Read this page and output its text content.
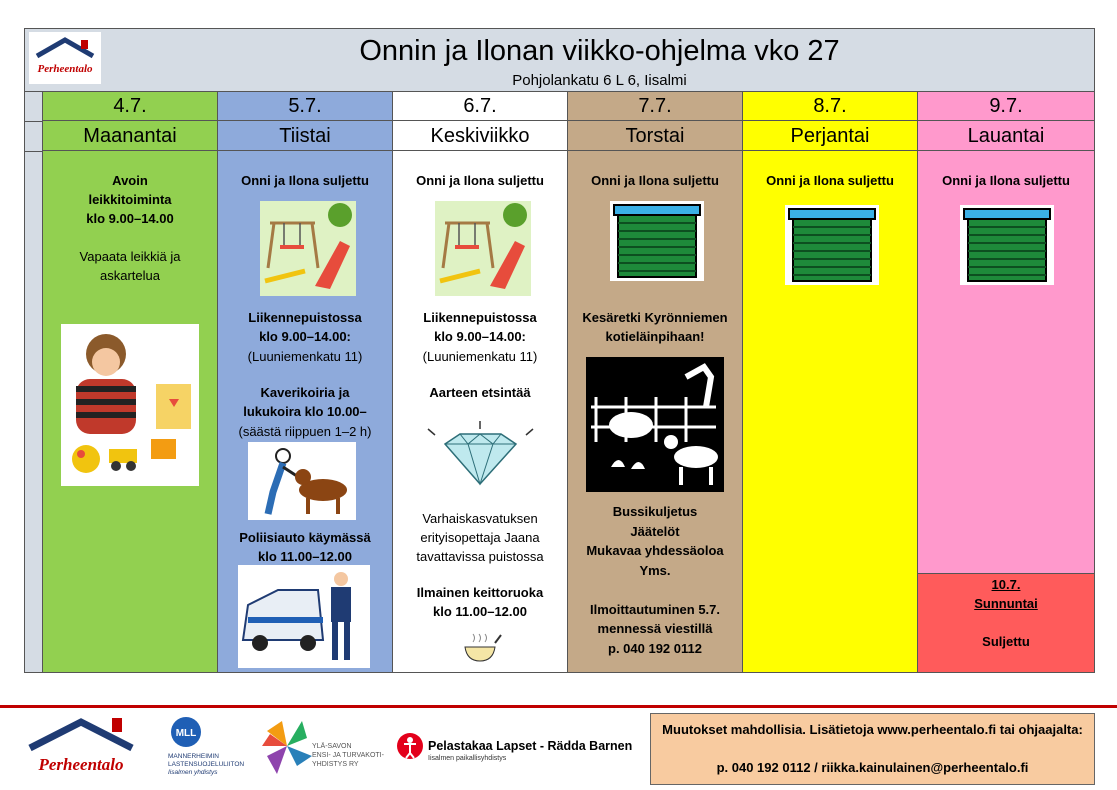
Perheentalo
Onnin ja Ilonan viikko-ohjelma vko 27
Pohjolankatu 6 L 6, Iisalmi
4.7.
Maanantai
Avoin
leikkitoiminta
klo 9.00–14.00
Vapaata leikkiä ja
askartelua
5.7.
Tiistai
Onni ja Ilona suljettu
Liikennepuistossa
klo 9.00–14.00:
(Luuniemenkatu 11)
Kaverikoiria ja
lukukoira klo 10.00–
(säästä riippuen 1–2 h)
Poliisiauto käymässä
klo 11.00–12.00
6.7.
Keskiviikko
Onni ja Ilona suljettu
Liikennepuistossa
klo 9.00–14.00:
(Luuniemenkatu 11)
Aarteen etsintää
Varhaiskasvatuksen
erityisopettaja Jaana
tavattavissa puistossa
Ilmainen keittoruoka
klo 11.00–12.00
7.7.
Torstai
Onni ja Ilona suljettu
Kesäretki Kyrönniemen
kotieläinpihaan!
Bussikuljetus
Jäätelöt
Mukavaa yhdessäoloa
Yms.
Ilmoittautuminen 5.7.
mennessä viestillä
p. 040 192 0112
8.7.
Perjantai
Onni ja Ilona suljettu
9.7.
Lauantai
Onni ja Ilona suljettu
10.7.
Sunnuntai
Suljettu
Perheentalo
MLL
MANNERHEIMIN
LASTENSUOJELULIITON
Iisalmen yhdistys
YLÄ-SAVON
ENSI- JA TURVAKOTI-
YHDISTYS RY
Pelastakaa Lapset - Rädda Barnen
Iisalmen paikallisyhdistys
Muutokset mahdollisia. Lisätietoja www.perheentalo.fi tai ohjaajalta:
p. 040 192 0112 / riikka.kainulainen@perheentalo.fi
